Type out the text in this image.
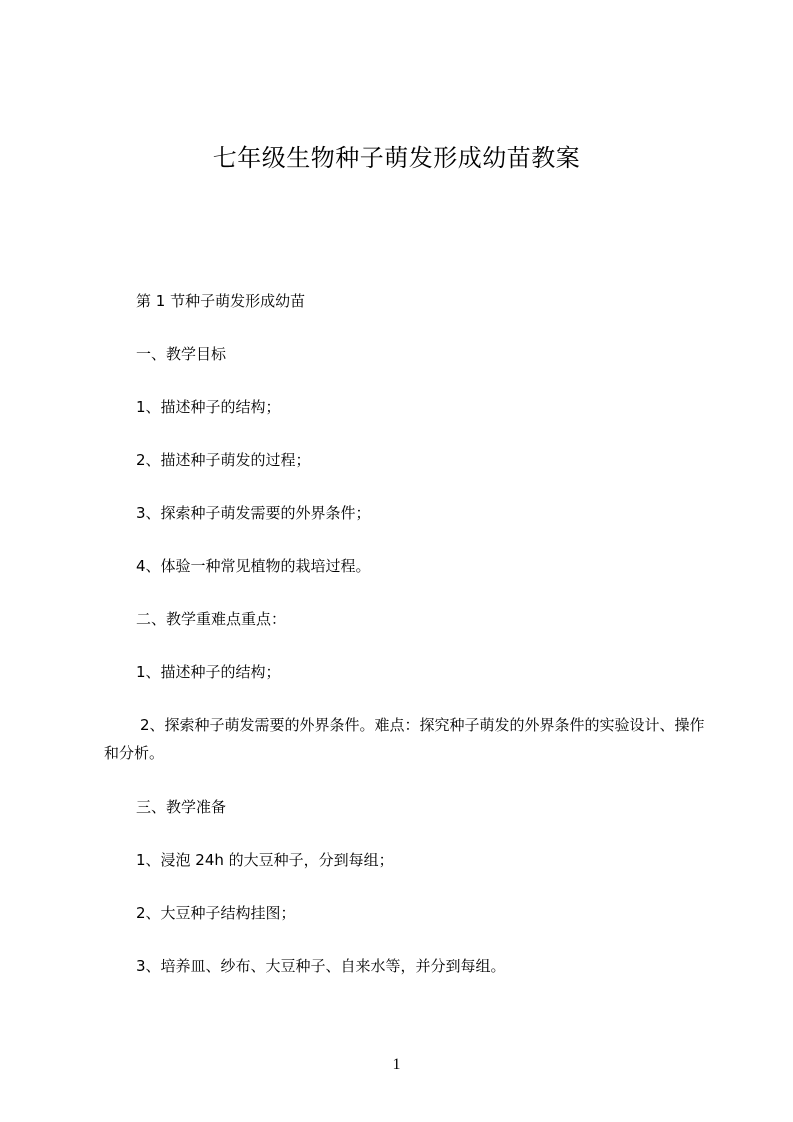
七年级生物种子萌发形成幼苗教案
第 1 节种子萌发形成幼苗
一、教学目标
1、描述种子的结构；
2、描述种子萌发的过程；
3、探索种子萌发需要的外界条件；
4、体验一种常见植物的栽培过程。
二、教学重难点重点：
1、描述种子的结构；
2、探索种子萌发需要的外界条件。难点：探究种子萌发的外界条件的实验设计、操作和分析。
三、教学准备
1、浸泡 24h 的大豆种子，分到每组；
2、大豆种子结构挂图；
3、培养皿、纱布、大豆种子、自来水等，并分到每组。
1
